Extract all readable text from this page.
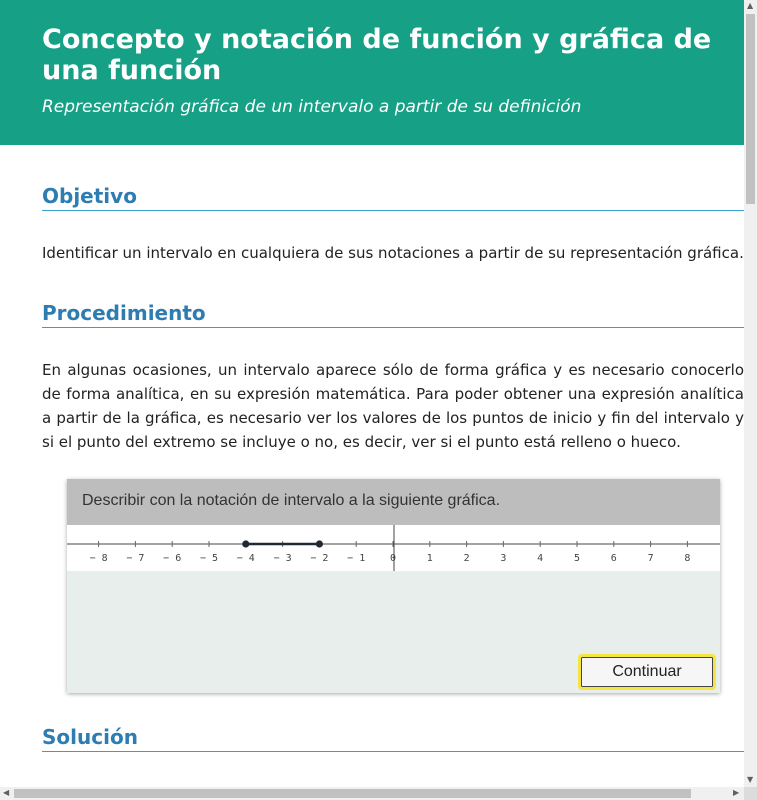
Concepto y notación de función y gráfica de una función

Representación gráfica de un intervalo a partir de su definición

Objetivo

Identificar un intervalo en cualquiera de sus notaciones a partir de su representación gráfica.

Procedimiento

En algunas ocasiones, un intervalo aparece sólo de forma gráfica y es necesario conocerlo de forma analítica, en su expresión matemática. Para poder obtener una expresión analítica a partir de la gráfica, es necesario ver los valores de los puntos de inicio y fin del intervalo y si el punto del extremo se incluye o no, es decir, ver si el punto está relleno o hueco.

Describir con la notación de intervalo a la siguiente gráfica.

− 8 − 7 − 6 − 5 − 4 − 3 − 2 − 1 0	1	2	3	4	5	6	7	8
Continuar
Solución
▲
▼
◀	▶
